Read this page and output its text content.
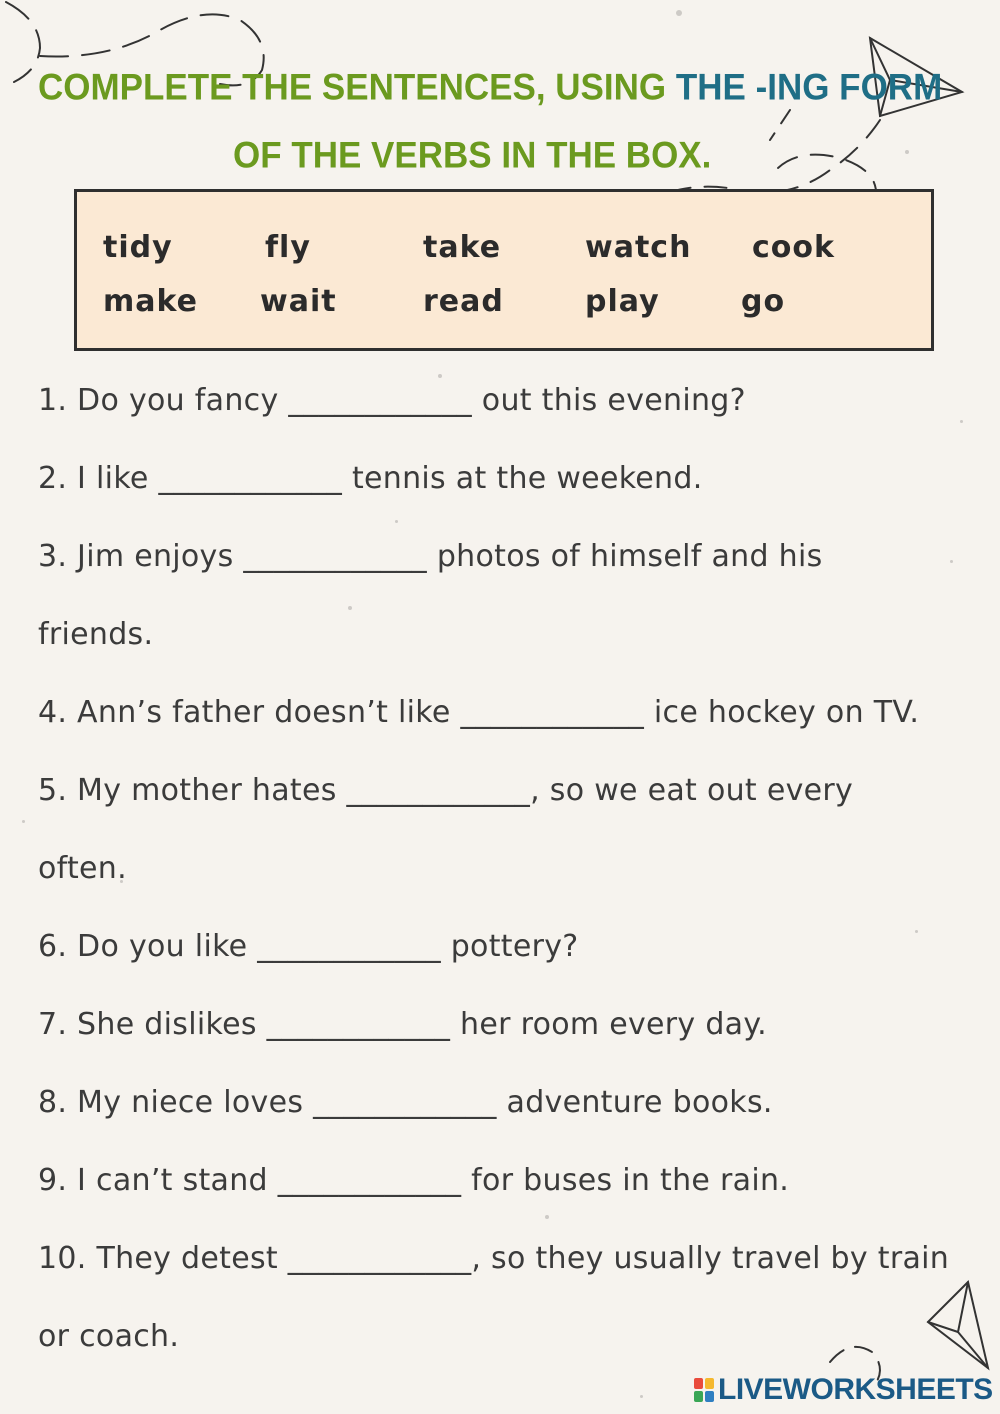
COMPLETE THE SENTENCES, USING THE -ING FORM
OF THE VERBS IN THE BOX.
tidy	fly	take	watch cook
make wait	read	play	go
1. Do you fancy ____________ out this evening?
2. I like ____________ tennis at the weekend.
3. Jim enjoys ____________ photos of himself and his
friends.
4. Ann’s father doesn’t like ____________ ice hockey on TV.
5. My mother hates ____________, so we eat out every
often.
6. Do you like ____________ pottery?
7. She dislikes ____________ her room every day.
8. My niece loves ____________ adventure books.
9. I can’t stand ____________ for buses in the rain.
10. They detest ____________, so they usually travel by train
or coach.
LIVEWORKSHEETS
